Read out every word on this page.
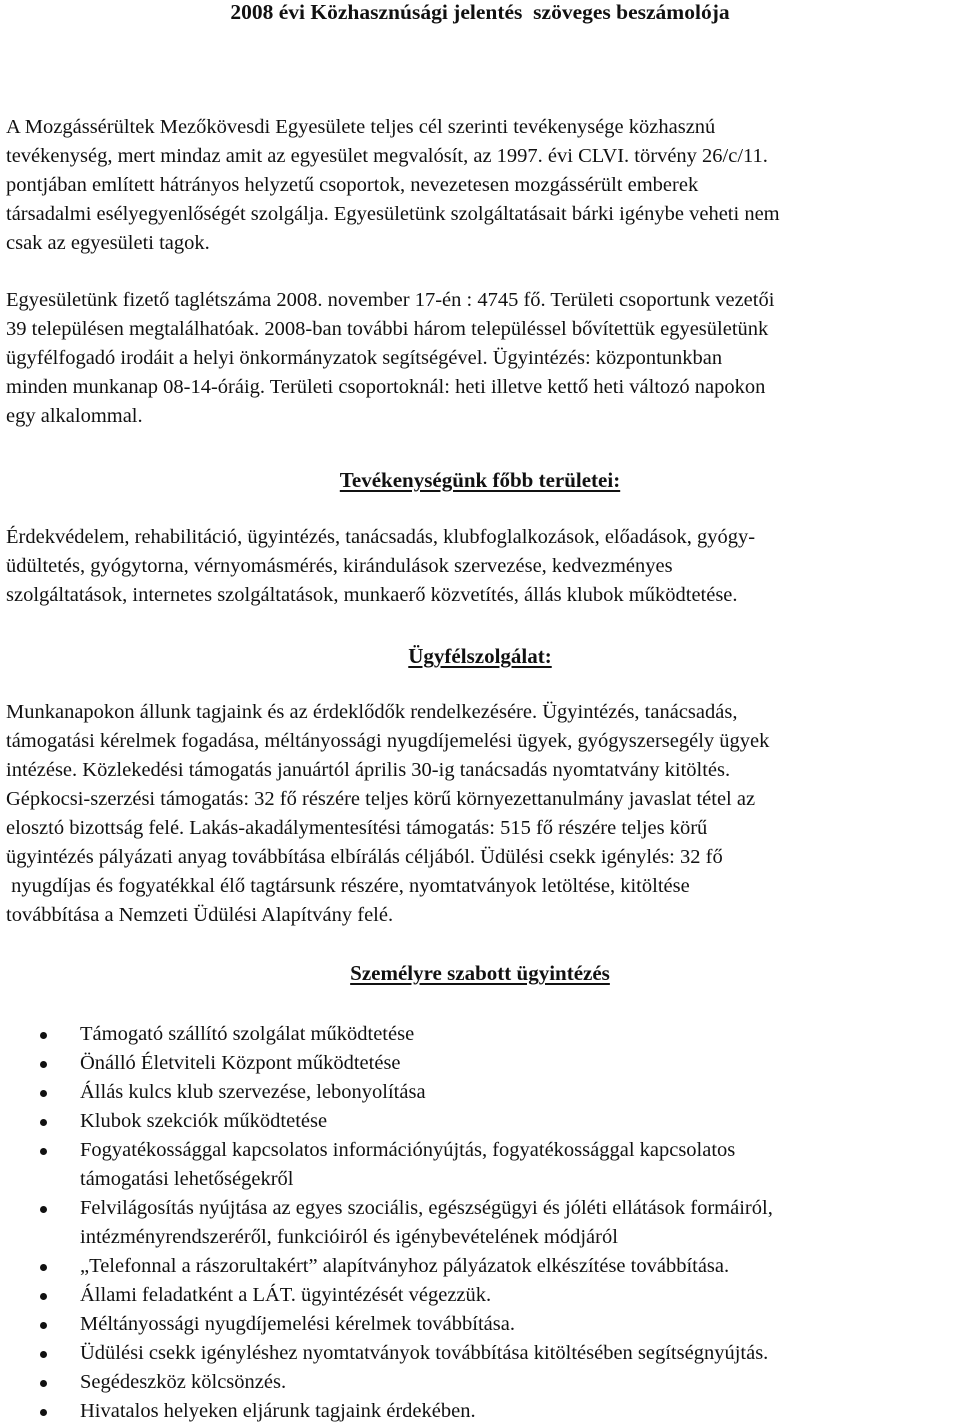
2008 évi Közhasznúsági jelentés  szöveges beszámolója
A Mozgássérültek Mezőkövesdi Egyesülete teljes cél szerinti tevékenysége közhasznú
tevékenység, mert mindaz amit az egyesület megvalósít, az 1997. évi CLVI. törvény 26/c/11.
pontjában említett hátrányos helyzetű csoportok, nevezetesen mozgássérült emberek
társadalmi esélyegyenlőségét szolgálja. Egyesületünk szolgáltatásait bárki igénybe veheti nem
csak az egyesületi tagok.
Egyesületünk fizető taglétszáma 2008. november 17-én : 4745 fő. Területi csoportunk vezetői
39 településen megtalálhatóak. 2008-ban további három településsel bővítettük egyesületünk
ügyfélfogadó irodáit a helyi önkormányzatok segítségével. Ügyintézés: központunkban
minden munkanap 08-14-óráig. Területi csoportoknál: heti illetve kettő heti változó napokon
egy alkalommal.
Tevékenységünk főbb területei:
Érdekvédelem, rehabilitáció, ügyintézés, tanácsadás, klubfoglalkozások, előadások, gyógy-
üdültetés, gyógytorna, vérnyomásmérés, kirándulások szervezése, kedvezményes
szolgáltatások, internetes szolgáltatások, munkaerő közvetítés, állás klubok működtetése.
Ügyfélszolgálat:
Munkanapokon állunk tagjaink és az érdeklődők rendelkezésére. Ügyintézés, tanácsadás,
támogatási kérelmek fogadása, méltányossági nyugdíjemelési ügyek, gyógyszersegély ügyek
intézése. Közlekedési támogatás januártól április 30-ig tanácsadás nyomtatvány kitöltés.
Gépkocsi-szerzési támogatás: 32 fő részére teljes körű környezettanulmány javaslat tétel az
elosztó bizottság felé. Lakás-akadálymentesítési támogatás: 515 fő részére teljes körű
ügyintézés pályázati anyag továbbítása elbírálás céljából. Üdülési csekk igénylés: 32 fő
nyugdíjas és fogyatékkal élő tagtársunk részére, nyomtatványok letöltése, kitöltése
továbbítása a Nemzeti Üdülési Alapítvány felé.
Személyre szabott ügyintézés
Támogató szállító szolgálat működtetése
Önálló Életviteli Központ működtetése
Állás kulcs klub szervezése, lebonyolítása
Klubok szekciók működtetése
Fogyatékossággal kapcsolatos információnyújtás, fogyatékossággal kapcsolatos
támogatási lehetőségekről
Felvilágosítás nyújtása az egyes szociális, egészségügyi és jóléti ellátások formáiról,
intézményrendszeréről, funkcióiról és igénybevételének módjáról
„Telefonnal a rászorultakért” alapítványhoz pályázatok elkészítése továbbítása.
Állami feladatként a LÁT. ügyintézését végezzük.
Méltányossági nyugdíjemelési kérelmek továbbítása.
Üdülési csekk igényléshez nyomtatványok továbbítása kitöltésében segítségnyújtás.
Segédeszköz kölcsönzés.
Hivatalos helyeken eljárunk tagjaink érdekében.
